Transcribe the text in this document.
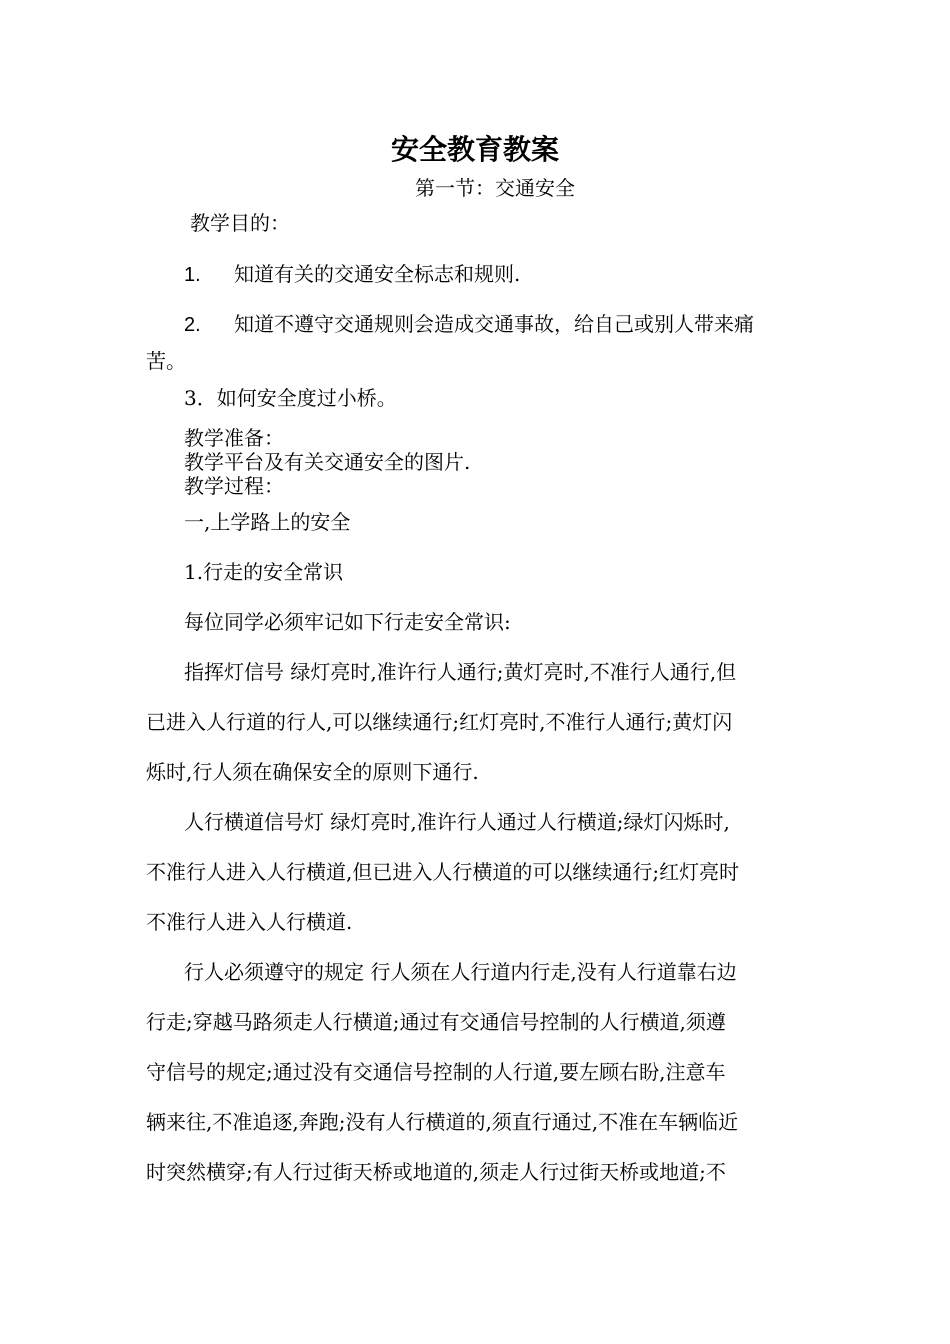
安全教育教案
第一节：交通安全
教学目的：
1. 知道有关的交通安全标志和规则.
2. 知道不遵守交通规则会造成交通事故，给自己或别人带来痛
苦。
3．如何安全度过小桥。
教学准备：
教学平台及有关交通安全的图片.
教学过程：
一,上学路上的安全
1.行走的安全常识
每位同学必须牢记如下行走安全常识:
指挥灯信号 绿灯亮时,准许行人通行;黄灯亮时,不准行人通行,但
已进入人行道的行人,可以继续通行;红灯亮时,不准行人通行;黄灯闪
烁时,行人须在确保安全的原则下通行.
人行横道信号灯 绿灯亮时,准许行人通过人行横道;绿灯闪烁时,
不准行人进入人行横道,但已进入人行横道的可以继续通行;红灯亮时
不准行人进入人行横道.
行人必须遵守的规定 行人须在人行道内行走,没有人行道靠右边
行走;穿越马路须走人行横道;通过有交通信号控制的人行横道,须遵
守信号的规定;通过没有交通信号控制的人行道,要左顾右盼,注意车
辆来往,不准追逐,奔跑;没有人行横道的,须直行通过,不准在车辆临近
时突然横穿;有人行过街天桥或地道的,须走人行过街天桥或地道;不
